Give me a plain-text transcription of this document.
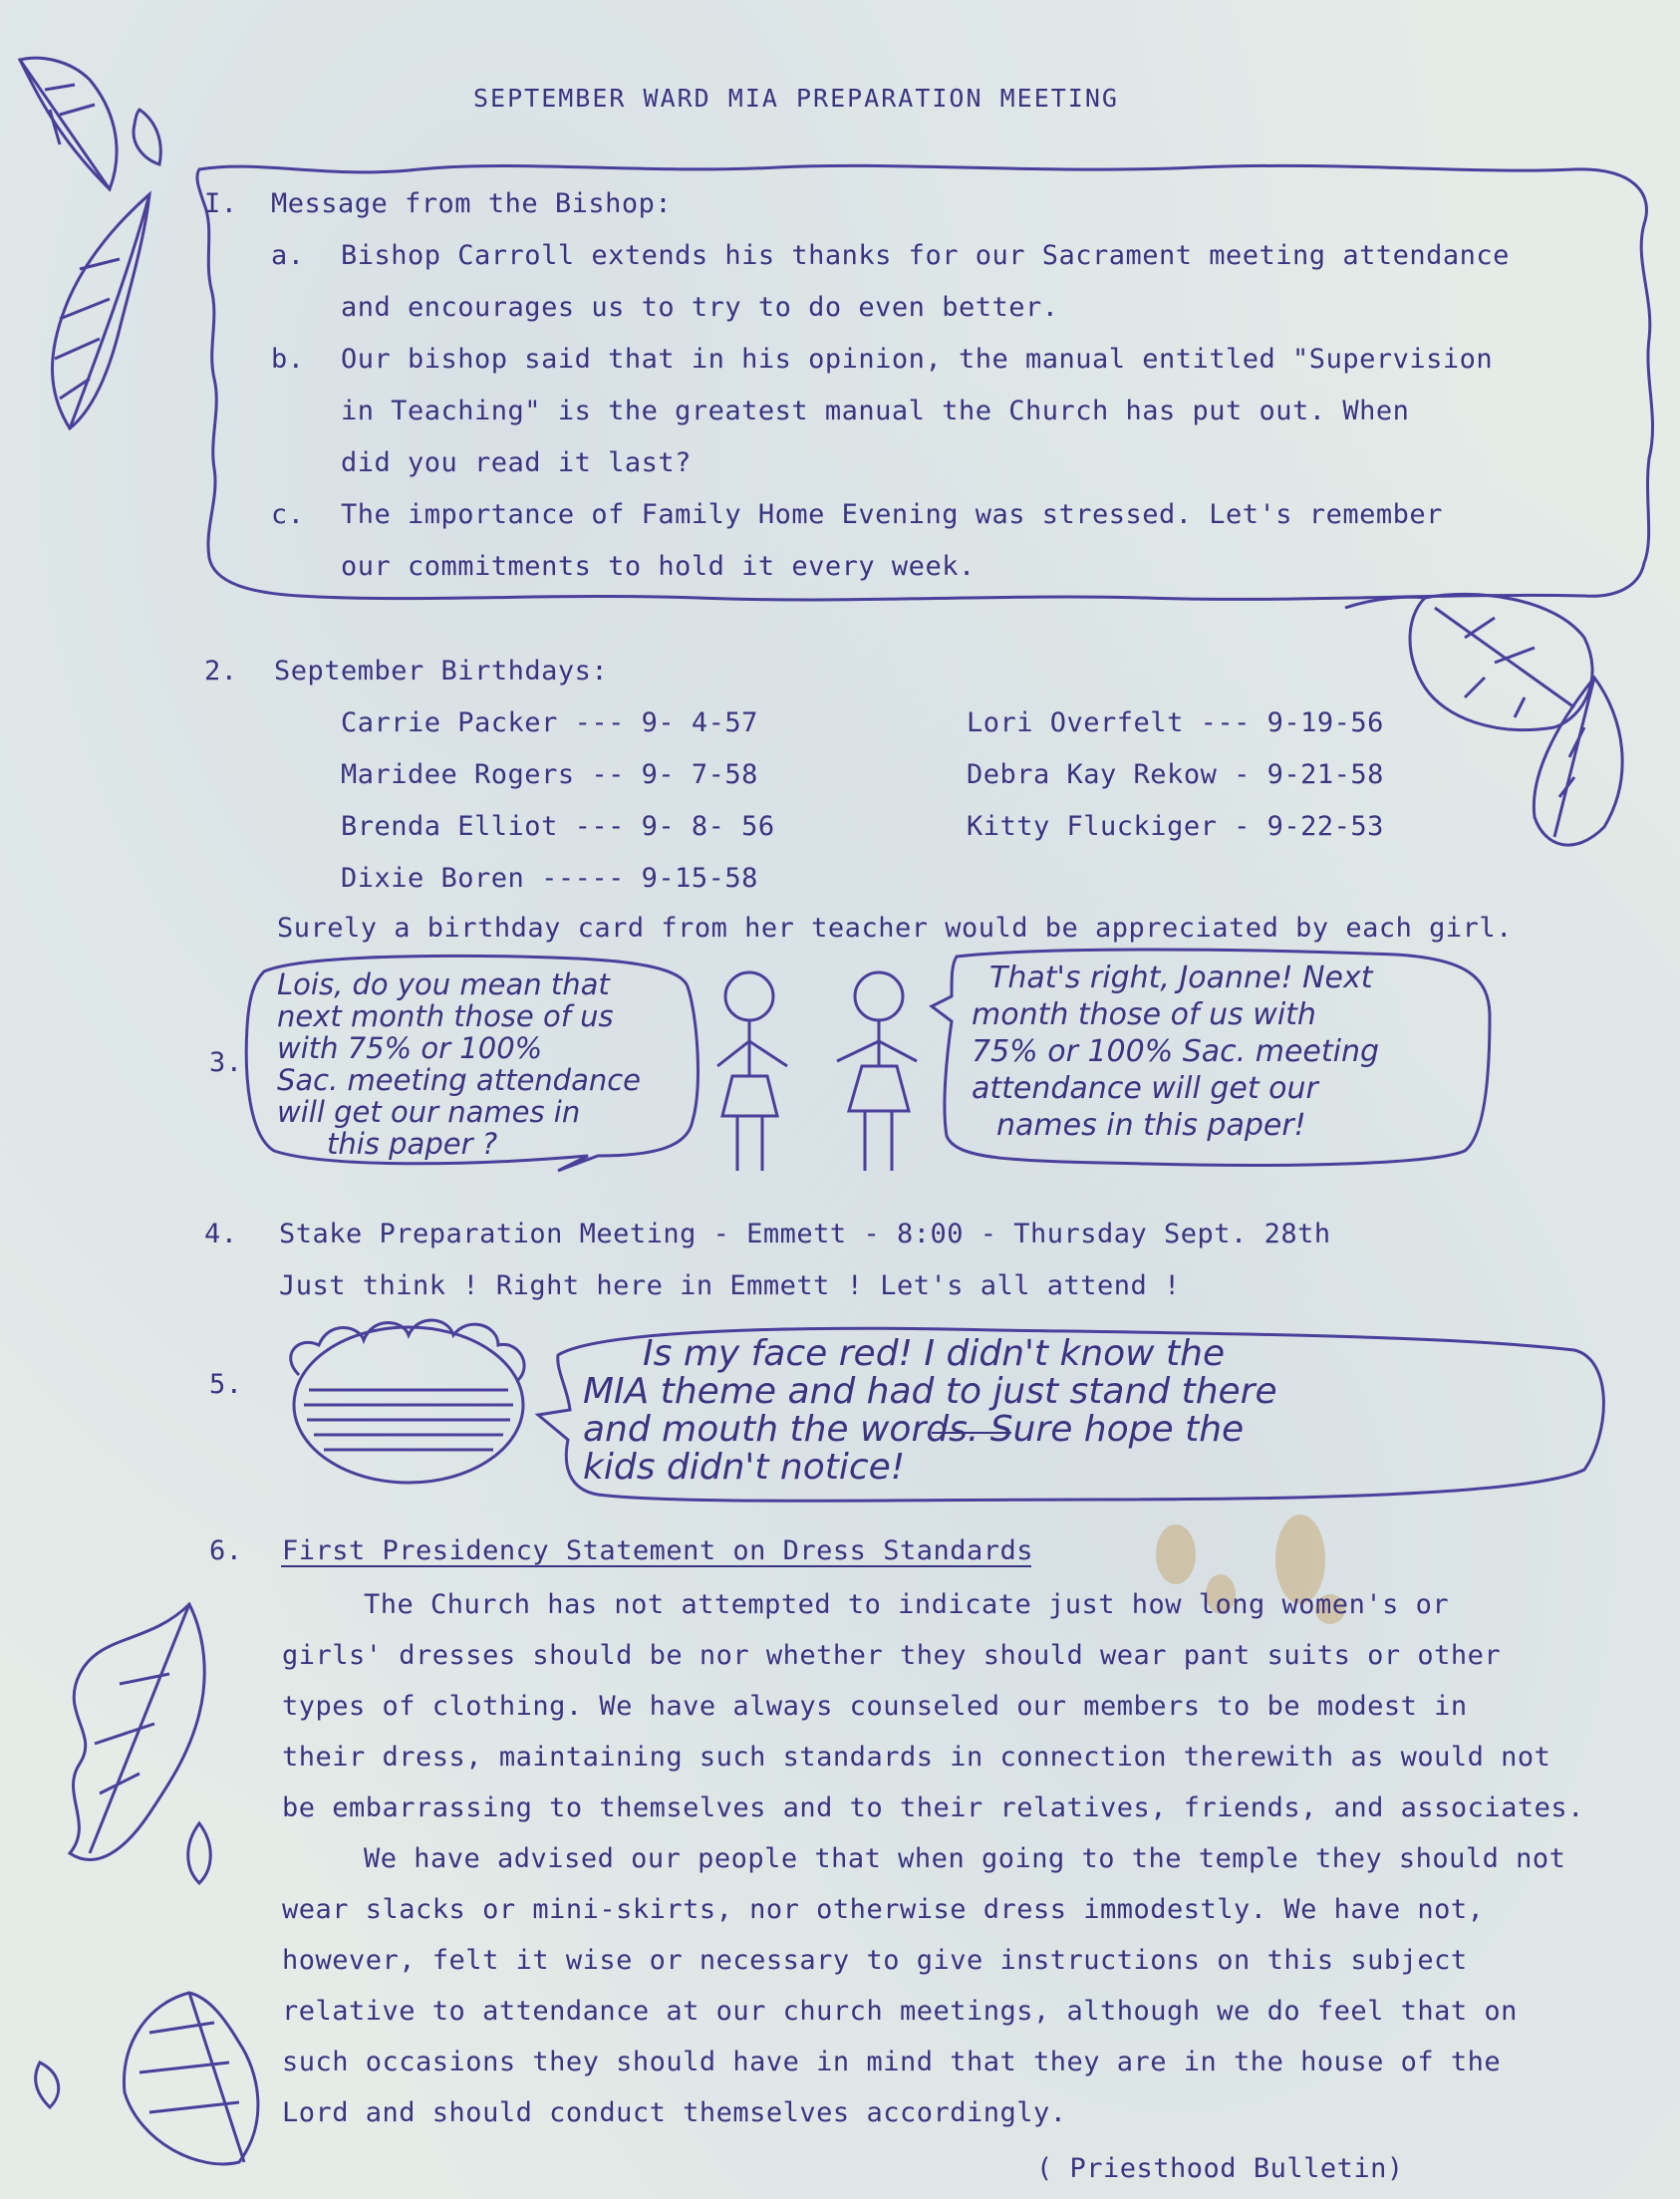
SEPTEMBER WARD MIA PREPARATION MEETING
I. Message from the Bishop:
a. Bishop Carroll extends his thanks for our Sacrament meeting attendance
and encourages us to try to do even better.
b. Our bishop said that in his opinion, the manual entitled "Supervision
in Teaching" is the greatest manual the Church has put out. When
did you read it last?
c. The importance of Family Home Evening was stressed. Let's remember
our commitments to hold it every week.
2. September Birthdays:
Carrie Packer --- 9- 4-57
Maridee Rogers -- 9- 7-58
Brenda Elliot --- 9- 8- 56
Dixie Boren ----- 9-15-58
Lori Overfelt --- 9-19-56
Debra Kay Rekow - 9-21-58
Kitty Fluckiger - 9-22-53
Surely a birthday card from her teacher would be appreciated by each girl.
3.
Lois, do you mean that
next month those of us
with 75% or 100%
Sac. meeting attendance
will get our names in
this paper ?
That's right, Joanne! Next
month those of us with
75% or 100% Sac. meeting
attendance will get our
names in this paper!
4. Stake Preparation Meeting - Emmett - 8:00 - Thursday Sept. 28th
Just think ! Right here in Emmett ! Let's all attend !
5.
Is my face red! I didn't know the
MIA theme and had to just stand there
and mouth the words. Sure hope the
kids didn't notice!
6. First Presidency Statement on Dress Standards
The Church has not attempted to indicate just how long women's or
girls' dresses should be nor whether they should wear pant suits or other
types of clothing. We have always counseled our members to be modest in
their dress, maintaining such standards in connection therewith as would not
be embarrassing to themselves and to their relatives, friends, and associates.
We have advised our people that when going to the temple they should not
wear slacks or mini-skirts, nor otherwise dress immodestly. We have not,
however, felt it wise or necessary to give instructions on this subject
relative to attendance at our church meetings, although we do feel that on
such occasions they should have in mind that they are in the house of the
Lord and should conduct themselves accordingly.
( Priesthood Bulletin)
